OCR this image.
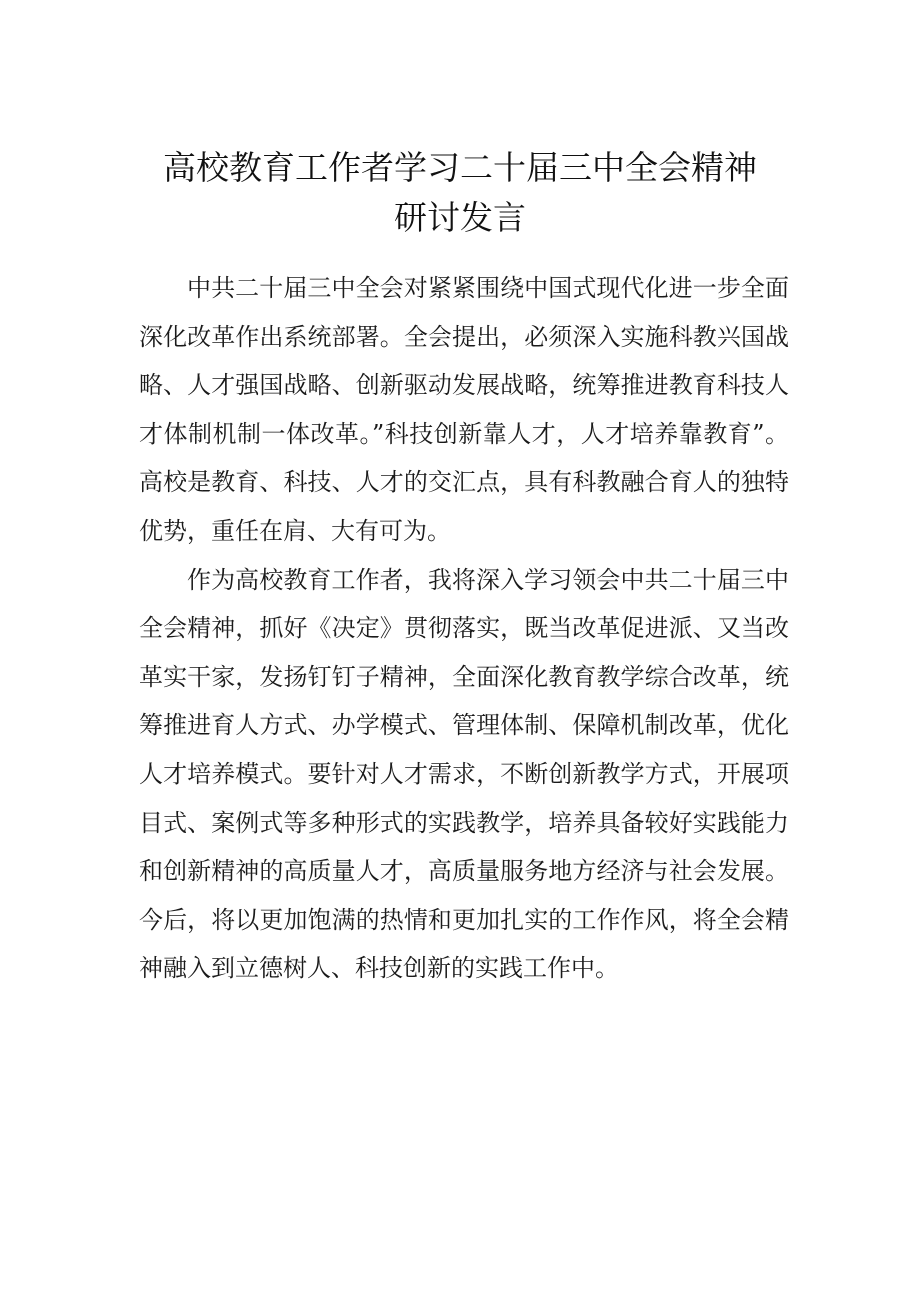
高校教育工作者学习二十届三中全会精神
研讨发言

中共二十届三中全会对紧紧围绕中国式现代化进一步全面深化改革作出系统部署。全会提出，必须深入实施科教兴国战略、人才强国战略、创新驱动发展战略，统筹推进教育科技人才体制机制一体改革。”科技创新靠人才，人才培养靠教育”。高校是教育、科技、人才的交汇点，具有科教融合育人的独特优势，重任在肩、大有可为。

作为高校教育工作者，我将深入学习领会中共二十届三中全会精神，抓好《决定》贯彻落实，既当改革促进派、又当改革实干家，发扬钉钉子精神，全面深化教育教学综合改革，统筹推进育人方式、办学模式、管理体制、保障机制改革，优化人才培养模式。要针对人才需求，不断创新教学方式，开展项目式、案例式等多种形式的实践教学，培养具备较好实践能力和创新精神的高质量人才，高质量服务地方经济与社会发展。今后，将以更加饱满的热情和更加扎实的工作作风，将全会精神融入到立德树人、科技创新的实践工作中。
